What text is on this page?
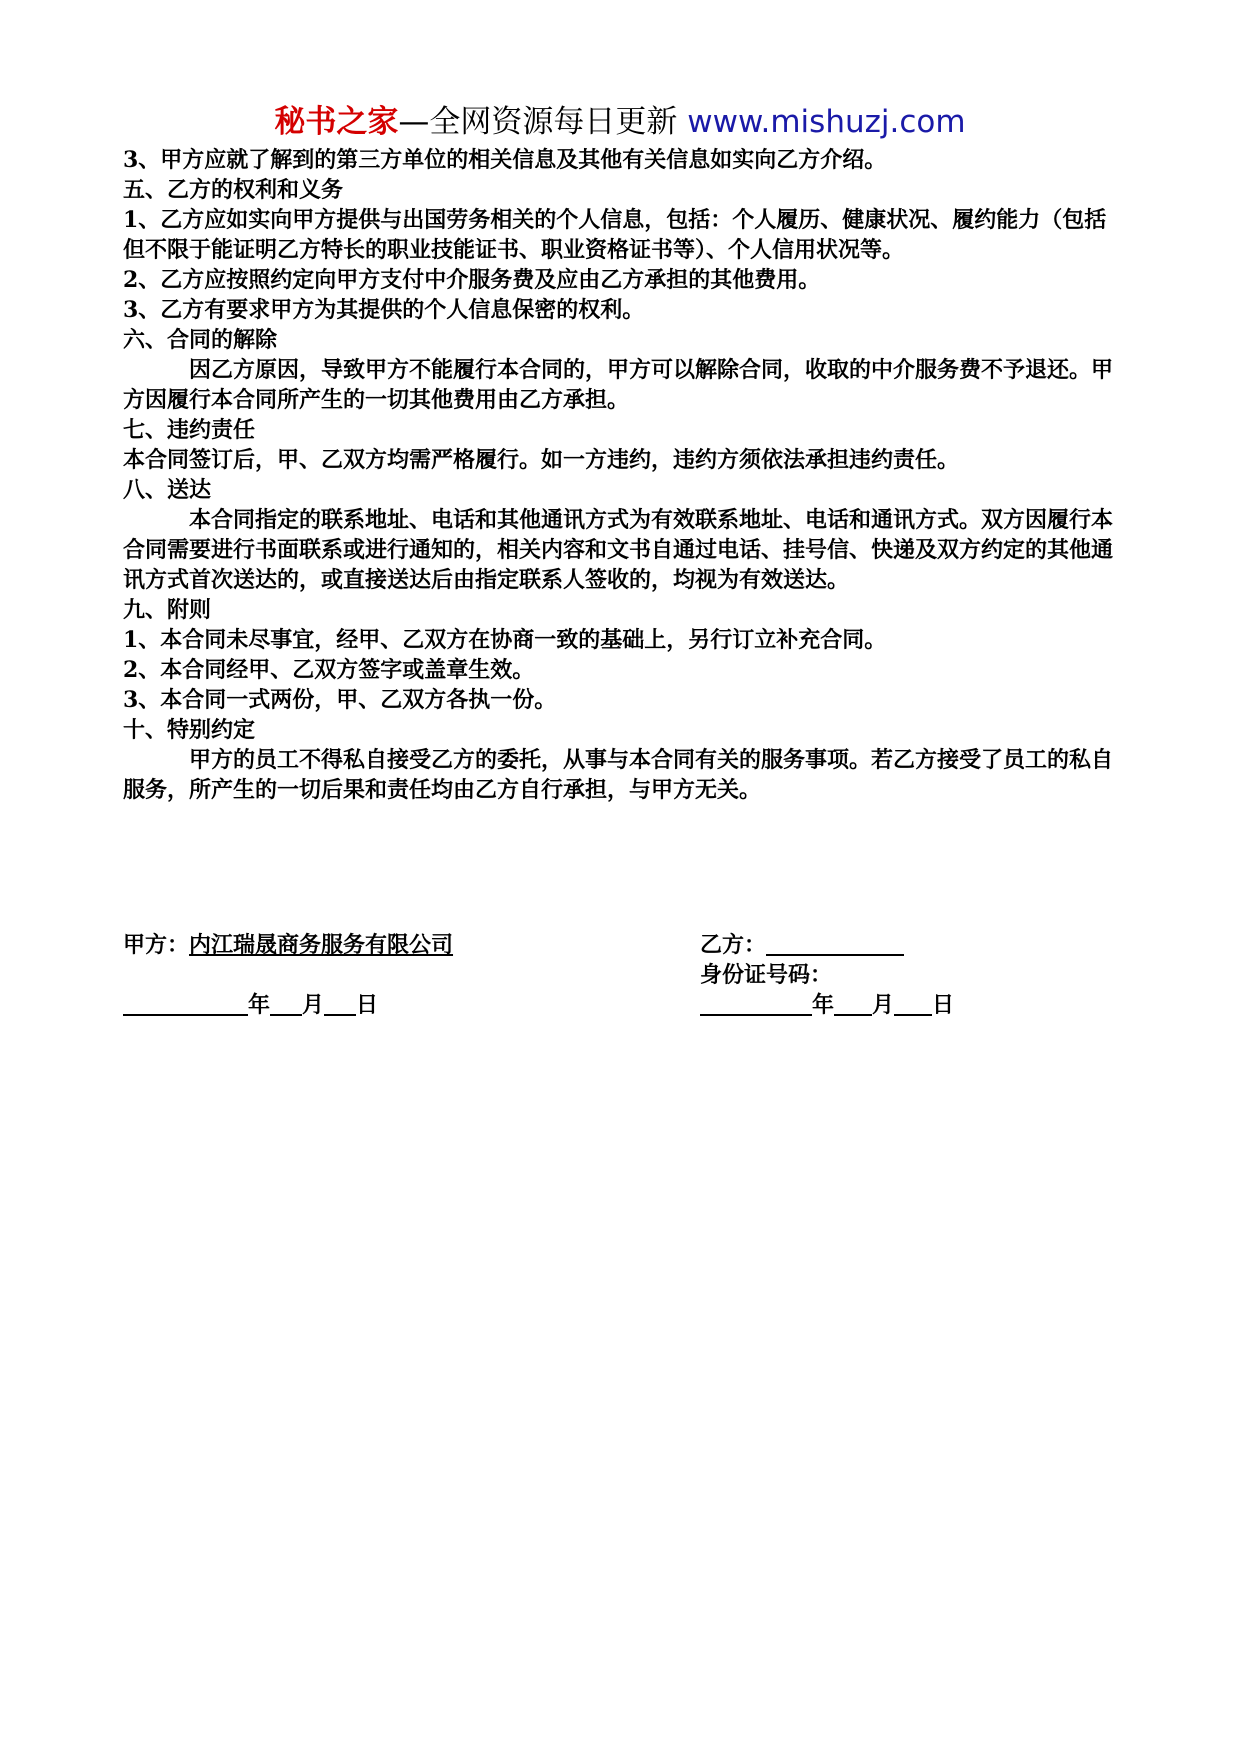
秘书之家—全网资源每日更新 www.mishuzj.com

3、甲方应就了解到的第三方单位的相关信息及其他有关信息如实向乙方介绍。

五、乙方的权利和义务

1、乙方应如实向甲方提供与出国劳务相关的个人信息，包括：个人履历、健康状况、履约能力（包括但不限于能证明乙方特长的职业技能证书、职业资格证书等）、个人信用状况等。

2、乙方应按照约定向甲方支付中介服务费及应由乙方承担的其他费用。

3、乙方有要求甲方为其提供的个人信息保密的权利。

六、合同的解除

因乙方原因，导致甲方不能履行本合同的，甲方可以解除合同，收取的中介服务费不予退还。甲方因履行本合同所产生的一切其他费用由乙方承担。

七、违约责任

本合同签订后，甲、乙双方均需严格履行。如一方违约，违约方须依法承担违约责任。

八、送达

本合同指定的联系地址、电话和其他通讯方式为有效联系地址、电话和通讯方式。双方因履行本合同需要进行书面联系或进行通知的，相关内容和文书自通过电话、挂号信、快递及双方约定的其他通讯方式首次送达的，或直接送达后由指定联系人签收的，均视为有效送达。

九、附则

1、本合同未尽事宜，经甲、乙双方在协商一致的基础上，另行订立补充合同。

2、本合同经甲、乙双方签字或盖章生效。

3、本合同一式两份，甲、乙双方各执一份。

十、特别约定

甲方的员工不得私自接受乙方的委托，从事与本合同有关的服务事项。若乙方接受了员工的私自服务，所产生的一切后果和责任均由乙方自行承担，与甲方无关。

甲方：内江瑞晟商务服务有限公司
年 月 日
乙方：
身份证号码：
年 月 日
